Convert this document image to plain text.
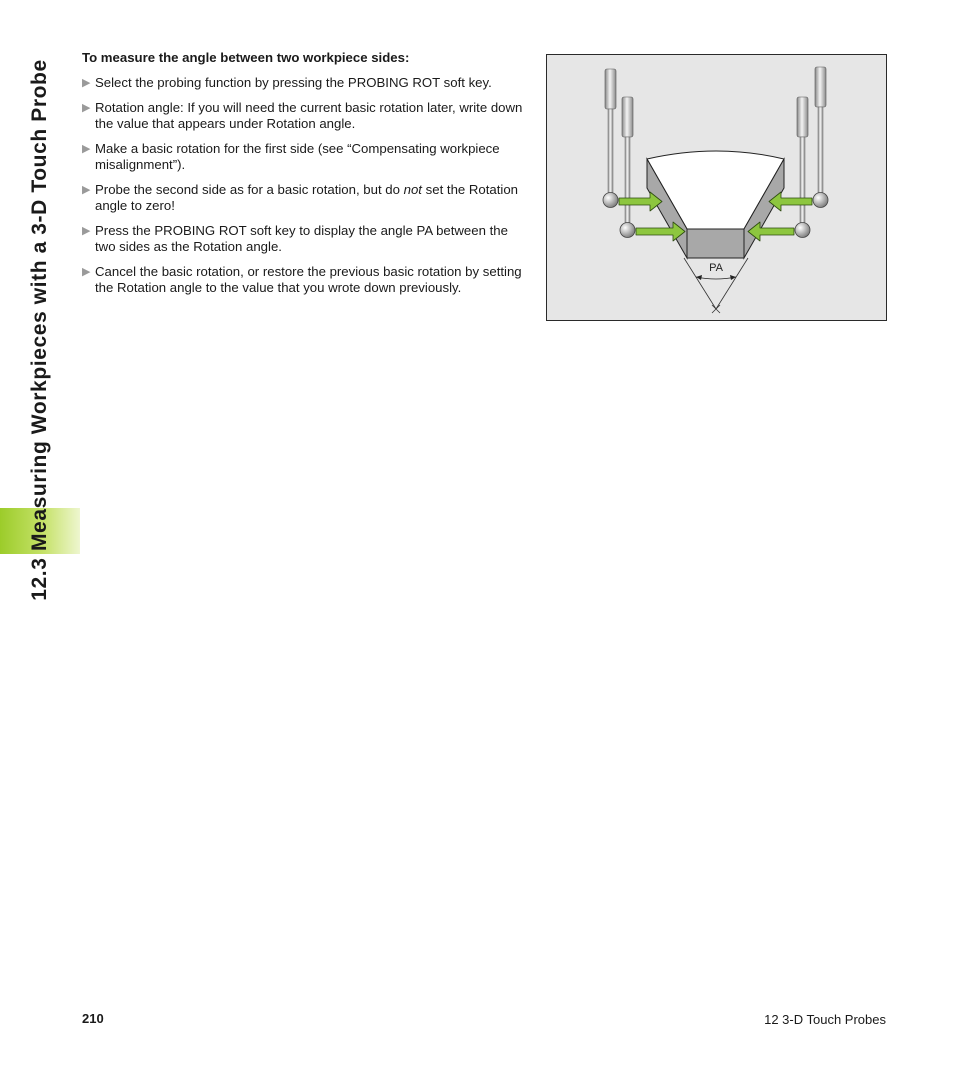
12.3 Measuring Workpieces with a 3-D Touch Probe
To measure the angle between two workpiece sides:
▶ Select the probing function by pressing the PROBING ROT soft key.
▶ Rotation angle: If you will need the current basic rotation later, write down the value that appears under Rotation angle.
▶ Make a basic rotation for the first side (see “Compensating workpiece misalignment”).
▶ Probe the second side as for a basic rotation, but do not set the Rotation angle to zero!
▶ Press the PROBING ROT soft key to display the angle PA between the two sides as the Rotation angle.
▶ Cancel the basic rotation, or restore the previous basic rotation by setting the Rotation angle to the value that you wrote down previously.
PA
210	12 3-D Touch Probes
